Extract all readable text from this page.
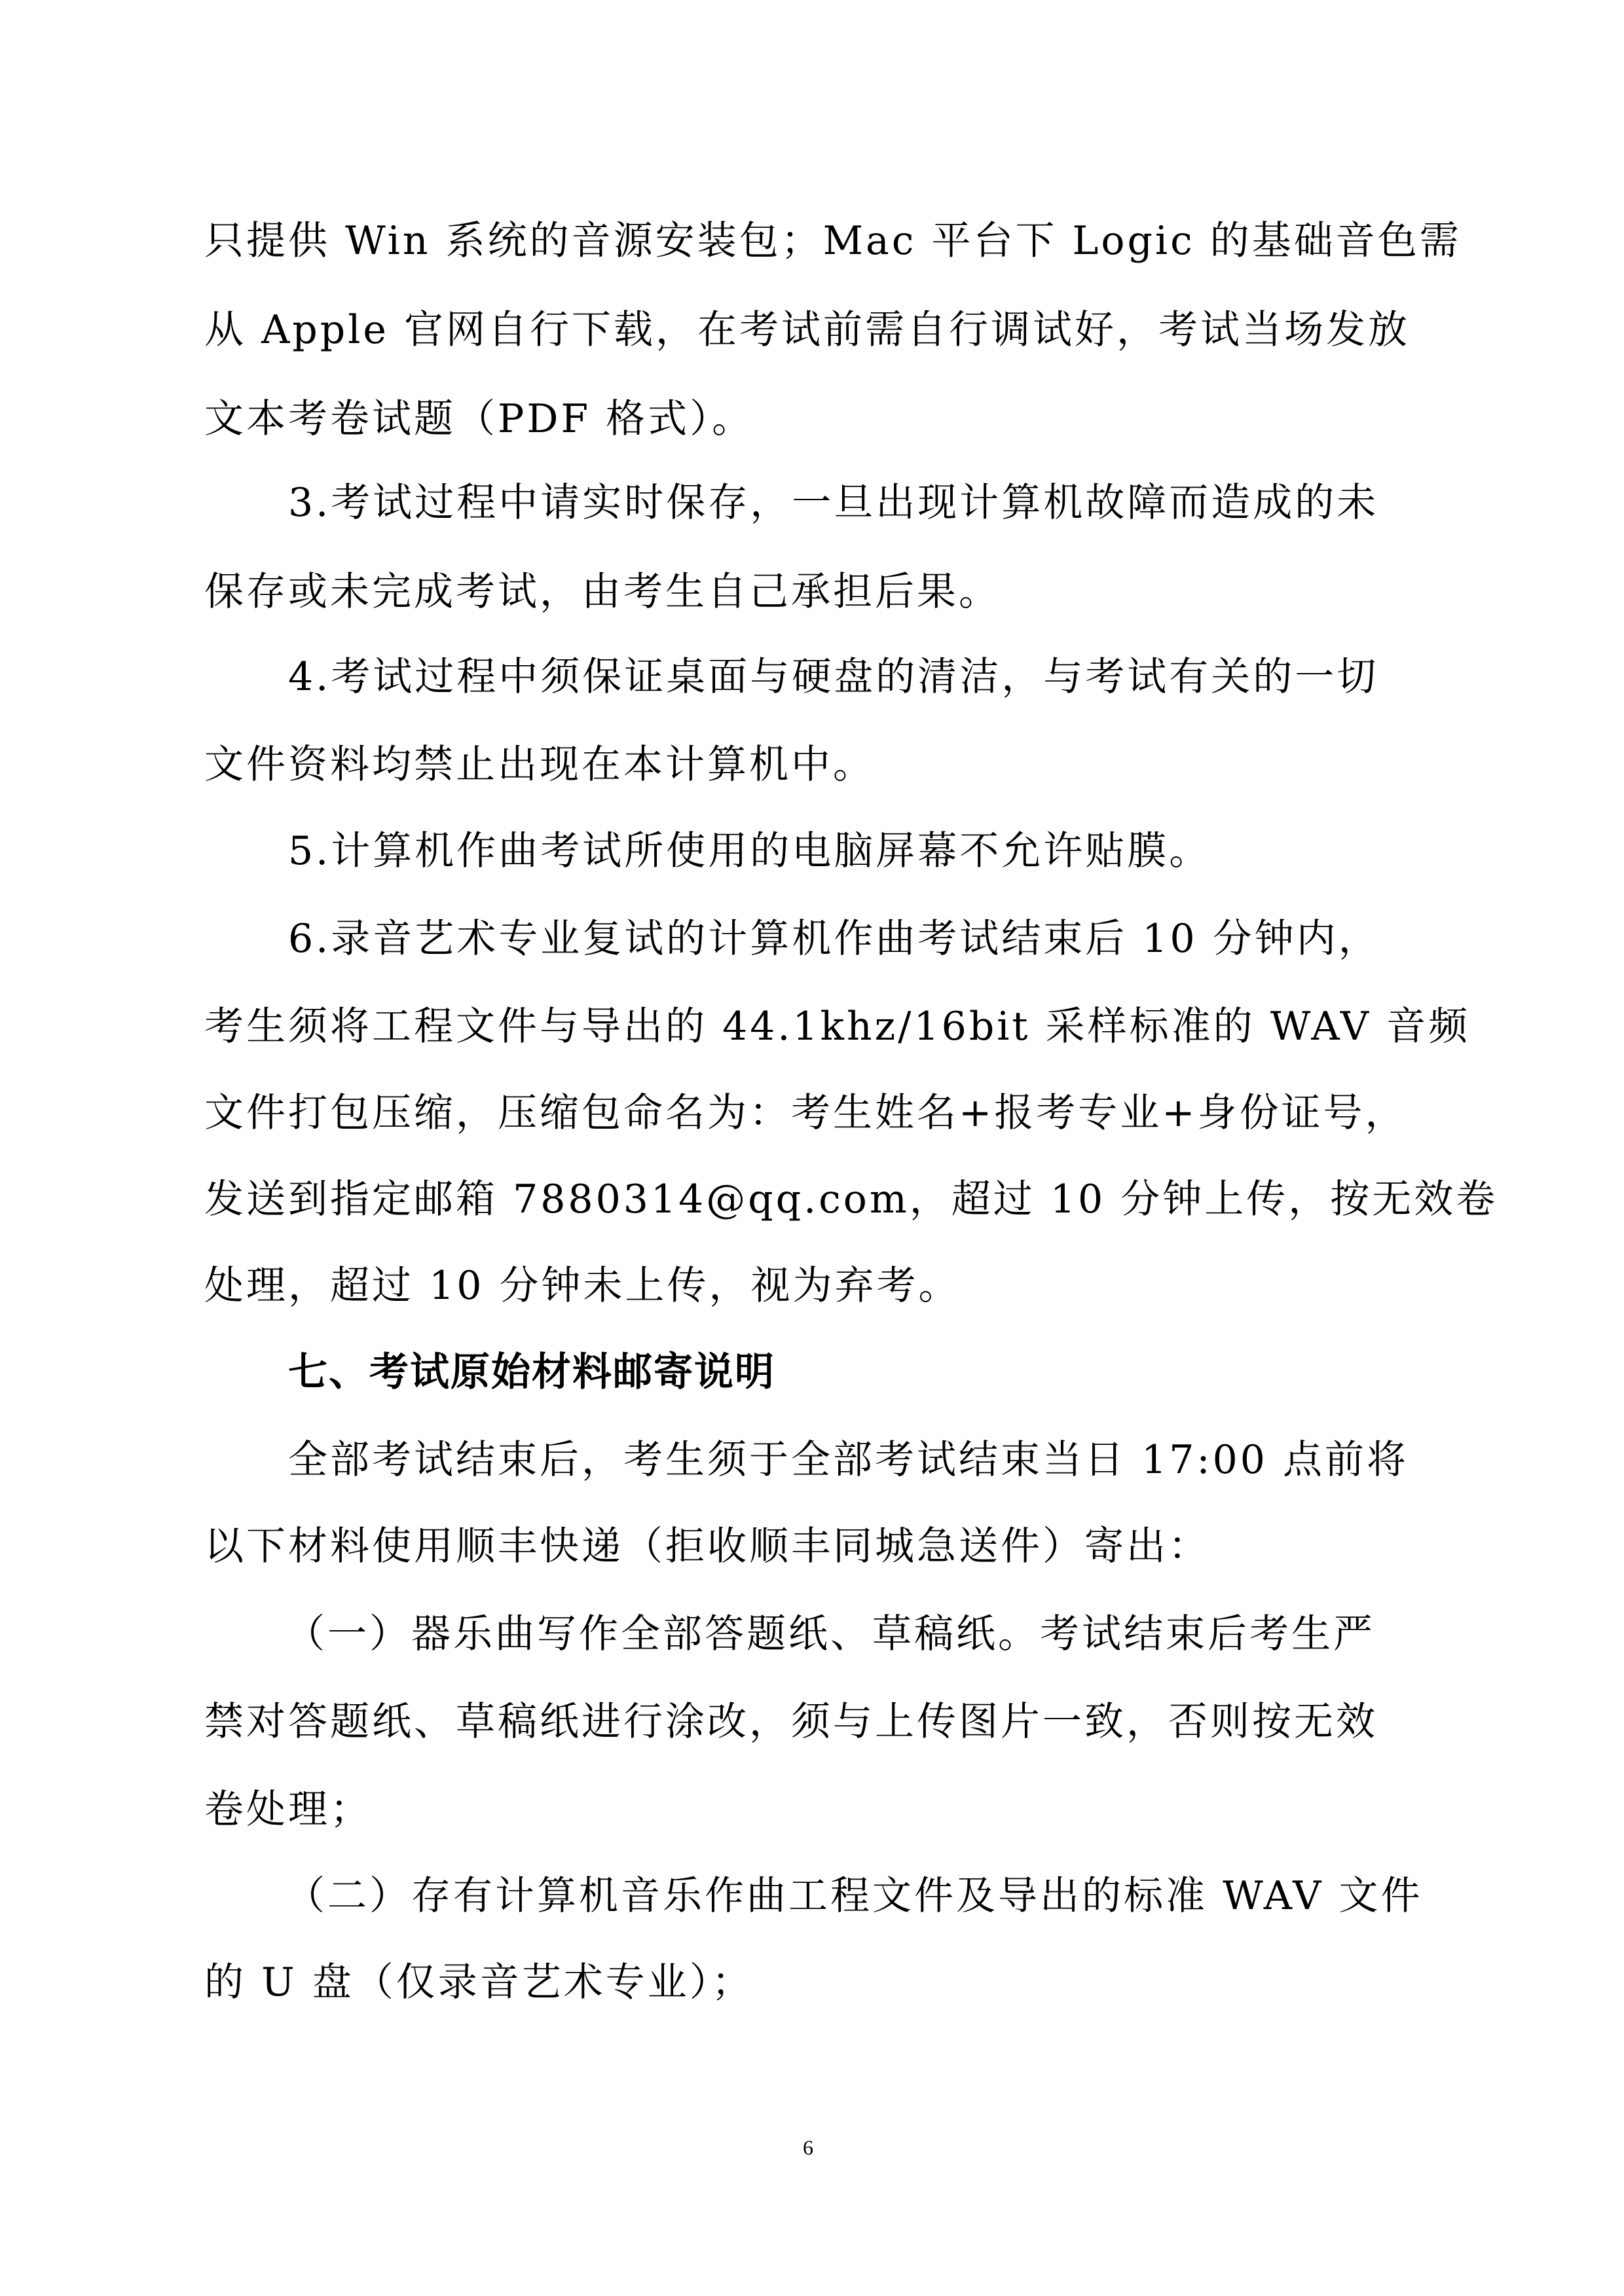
只提供 Win 系统的音源安装包；Mac 平台下 Logic 的基础音色需
从 Apple 官网自行下载，在考试前需自行调试好，考试当场发放
文本考卷试题（PDF 格式）。
3.考试过程中请实时保存，一旦出现计算机故障而造成的未
保存或未完成考试，由考生自己承担后果。
4.考试过程中须保证桌面与硬盘的清洁，与考试有关的一切
文件资料均禁止出现在本计算机中。
5.计算机作曲考试所使用的电脑屏幕不允许贴膜。
6.录音艺术专业复试的计算机作曲考试结束后 10 分钟内，
考生须将工程文件与导出的 44.1khz/16bit 采样标准的 WAV 音频
文件打包压缩，压缩包命名为：考生姓名+报考专业+身份证号，
发送到指定邮箱 7880314@qq.com，超过 10 分钟上传，按无效卷
处理，超过 10 分钟未上传，视为弃考。
七、考试原始材料邮寄说明
全部考试结束后，考生须于全部考试结束当日 17:00 点前将
以下材料使用顺丰快递（拒收顺丰同城急送件）寄出：
（一）器乐曲写作全部答题纸、草稿纸。考试结束后考生严
禁对答题纸、草稿纸进行涂改，须与上传图片一致，否则按无效
卷处理；
（二）存有计算机音乐作曲工程文件及导出的标准 WAV 文件
的 U 盘（仅录音艺术专业）；
6
